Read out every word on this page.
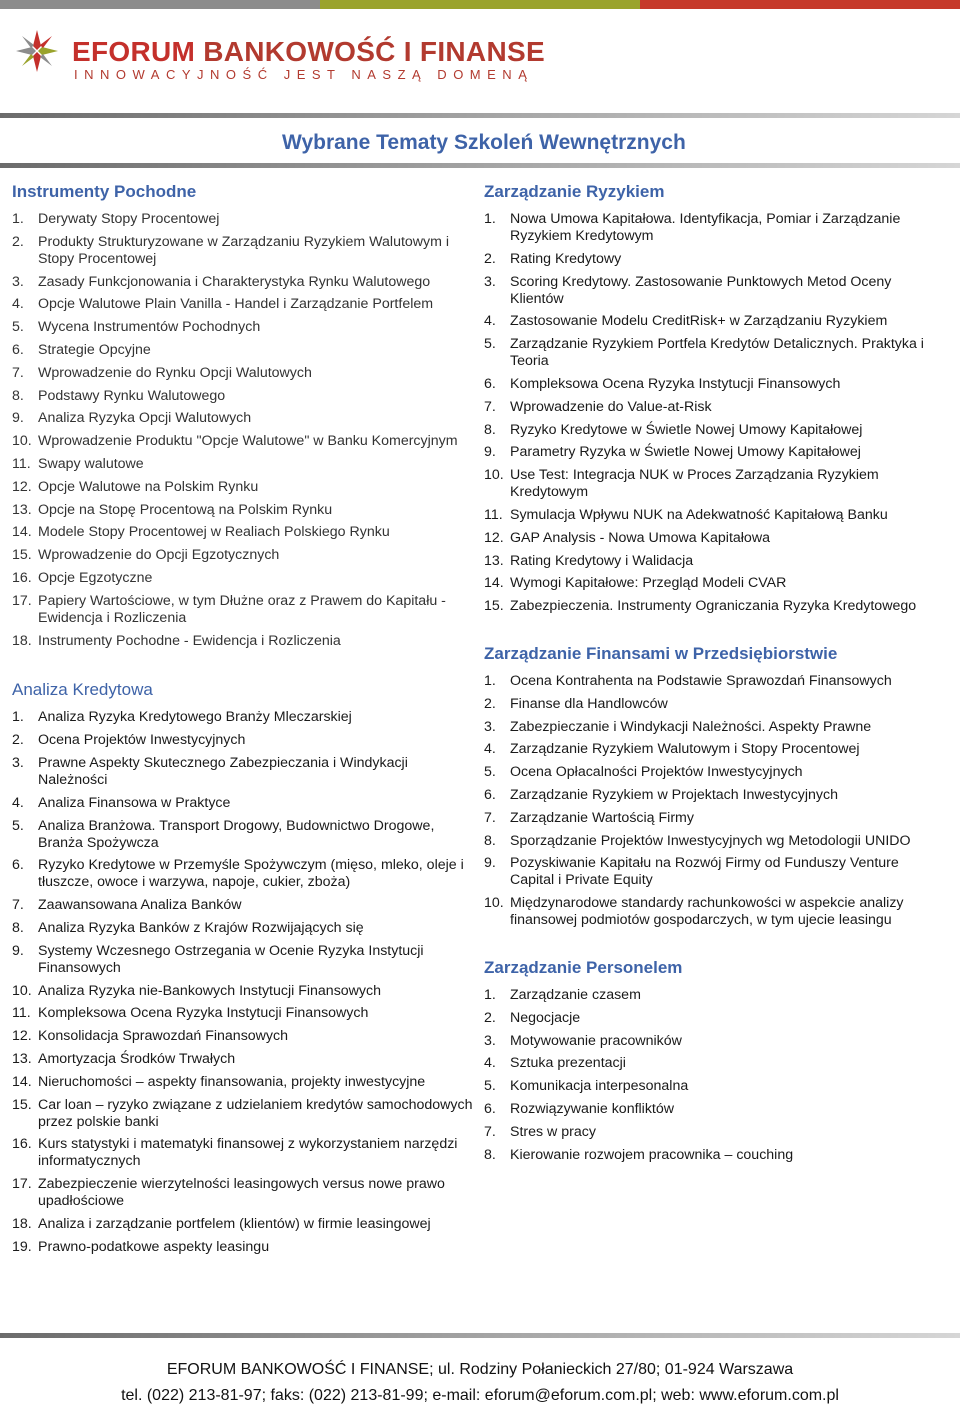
EFORUM BANKOWOŚĆ I FINANSE
INNOWACYJNOŚĆ JEST NASZĄ DOMENĄ
Wybrane Tematy Szkoleń Wewnętrznych
Instrumenty Pochodne
1. Derywaty Stopy Procentowej
2. Produkty Strukturyzowane w Zarządzaniu Ryzykiem Walutowym i Stopy Procentowej
3. Zasady Funkcjonowania i Charakterystyka Rynku Walutowego
4. Opcje Walutowe Plain Vanilla - Handel i Zarządzanie Portfelem
5. Wycena Instrumentów Pochodnych
6. Strategie Opcyjne
7. Wprowadzenie do Rynku Opcji Walutowych
8. Podstawy Rynku Walutowego
9. Analiza Ryzyka Opcji Walutowych
10. Wprowadzenie Produktu "Opcje Walutowe" w Banku Komercyjnym
11. Swapy walutowe
12. Opcje Walutowe na Polskim Rynku
13. Opcje na Stopę Procentową na Polskim Rynku
14. Modele Stopy Procentowej w Realiach Polskiego Rynku
15. Wprowadzenie do Opcji Egzotycznych
16. Opcje Egzotyczne
17. Papiery Wartościowe, w tym Dłużne oraz z Prawem do Kapitału - Ewidencja i Rozliczenia
18. Instrumenty Pochodne - Ewidencja i Rozliczenia
Analiza Kredytowa
1. Analiza Ryzyka Kredytowego Branży Mleczarskiej
2. Ocena Projektów Inwestycyjnych
3. Prawne Aspekty Skutecznego Zabezpieczania i Windykacji Należności
4. Analiza Finansowa w Praktyce
5. Analiza Branżowa. Transport Drogowy, Budownictwo Drogowe, Branża Spożywcza
6. Ryzyko Kredytowe w Przemyśle Spożywczym (mięso, mleko, oleje i tłuszcze, owoce i warzywa, napoje, cukier, zboża)
7. Zaawansowana Analiza Banków
8. Analiza Ryzyka Banków z Krajów Rozwijających się
9. Systemy Wczesnego Ostrzegania w Ocenie Ryzyka Instytucji Finansowych
10. Analiza Ryzyka nie-Bankowych Instytucji Finansowych
11. Kompleksowa Ocena Ryzyka Instytucji Finansowych
12. Konsolidacja Sprawozdań Finansowych
13. Amortyzacja Środków Trwałych
14. Nieruchomości – aspekty finansowania, projekty inwestycyjne
15. Car loan – ryzyko związane z udzielaniem kredytów samochodowych przez polskie banki
16. Kurs statystyki i matematyki finansowej z wykorzystaniem narzędzi informatycznych
17. Zabezpieczenie wierzytelności leasingowych versus nowe prawo upadłościowe
18. Analiza i zarządzanie portfelem (klientów) w firmie leasingowej
19. Prawno-podatkowe aspekty leasingu
Zarządzanie Ryzykiem
1. Nowa Umowa Kapitałowa. Identyfikacja, Pomiar i Zarządzanie Ryzykiem Kredytowym
2. Rating Kredytowy
3. Scoring Kredytowy. Zastosowanie Punktowych Metod Oceny Klientów
4. Zastosowanie Modelu CreditRisk+ w Zarządzaniu Ryzykiem
5. Zarządzanie Ryzykiem Portfela Kredytów Detalicznych. Praktyka i Teoria
6. Kompleksowa Ocena Ryzyka Instytucji Finansowych
7. Wprowadzenie do Value-at-Risk
8. Ryzyko Kredytowe w Świetle Nowej Umowy Kapitałowej
9. Parametry Ryzyka w Świetle Nowej Umowy Kapitałowej
10. Use Test: Integracja NUK w Proces Zarządzania Ryzykiem Kredytowym
11. Symulacja Wpływu NUK na Adekwatność Kapitałową Banku
12. GAP Analysis - Nowa Umowa Kapitałowa
13. Rating Kredytowy i Walidacja
14. Wymogi Kapitałowe: Przegląd Modeli CVAR
15. Zabezpieczenia. Instrumenty Ograniczania Ryzyka Kredytowego
Zarządzanie Finansami w Przedsiębiorstwie
1. Ocena Kontrahenta na Podstawie Sprawozdań Finansowych
2. Finanse dla Handlowców
3. Zabezpieczanie i Windykacji Należności. Aspekty Prawne
4. Zarządzanie Ryzykiem Walutowym i Stopy Procentowej
5. Ocena Opłacalności Projektów Inwestycyjnych
6. Zarządzanie Ryzykiem w Projektach Inwestycyjnych
7. Zarządzanie Wartością Firmy
8. Sporządzanie Projektów Inwestycyjnych wg Metodologii UNIDO
9. Pozyskiwanie Kapitału na Rozwój Firmy od Funduszy Venture Capital i Private Equity
10. Międzynarodowe standardy rachunkowości w aspekcie analizy finansowej podmiotów gospodarczych, w tym ujecie leasingu
Zarządzanie Personelem
1. Zarządzanie czasem
2. Negocjacje
3. Motywowanie pracowników
4. Sztuka prezentacji
5. Komunikacja interpesonalna
6. Rozwiązywanie konfliktów
7. Stres w pracy
8. Kierowanie rozwojem pracownika – couching
EFORUM BANKOWOŚĆ I FINANSE; ul. Rodziny Połanieckich 27/80; 01-924 Warszawa
tel. (022) 213-81-97; faks: (022) 213-81-99; e-mail: eforum@eforum.com.pl; web: www.eforum.com.pl
